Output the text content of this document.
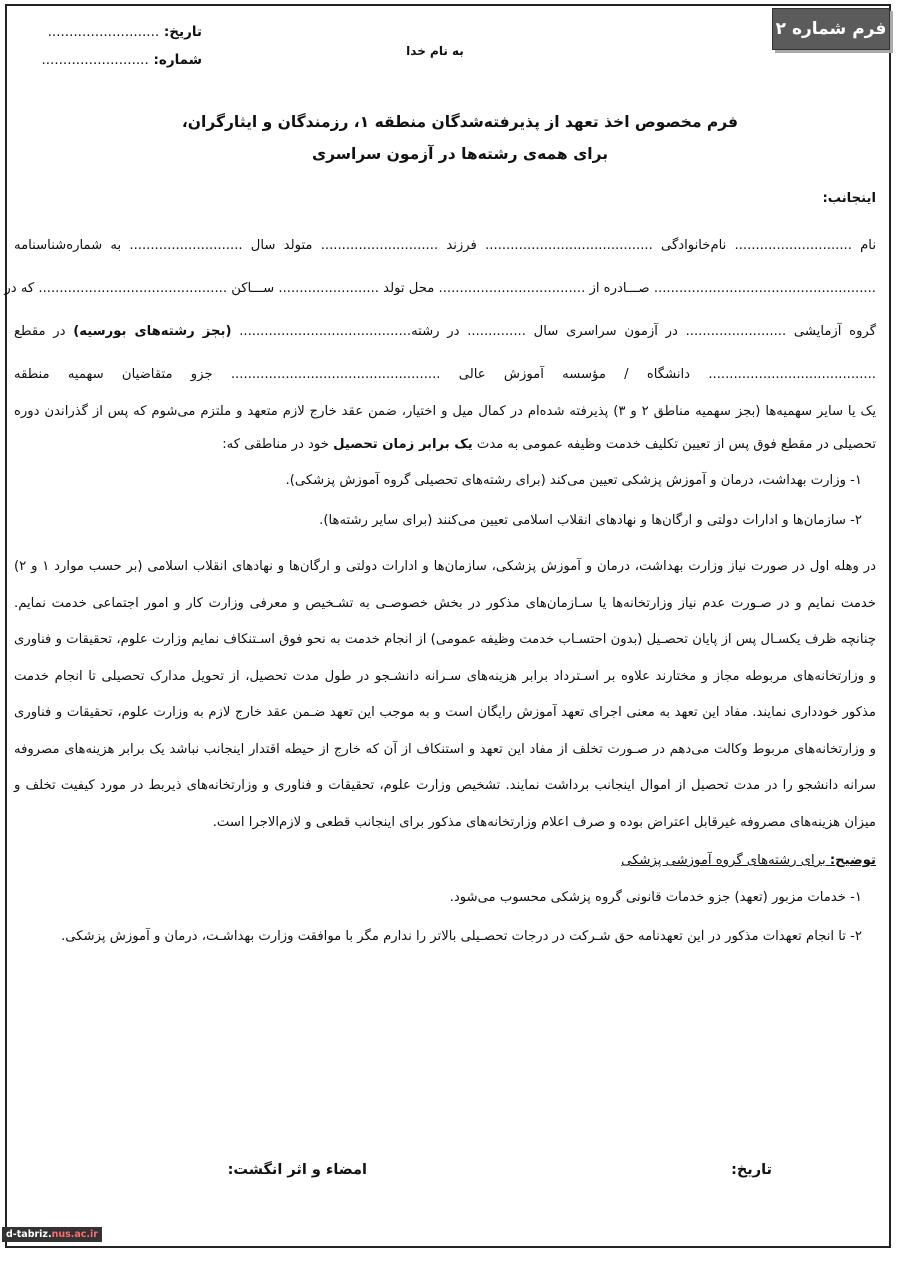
فرم شماره ۲
تاریخ: ..........................
شماره: .........................
به نام خدا
فرم مخصوص اخذ تعهد از پذیرفته‌شدگان منطقه ۱، رزمندگان و ایثارگران،
برای همه‌ی رشته‌ها در آزمون سراسری

اینجانب:

نام ............................ نام‌خانوادگی ........................................ فرزند ............................ متولد سال ........................... به شماره‌شناسنامه

..................................................... صـــادره از ................................... محل تولد ........................ ســـاکن ............................................. که در

گروه آزمایشی ........................ در آزمون سراسری سال .............. در رشته......................................... (بجز رشته‌های بورسیه) در مقطع

........................................ دانشگاه / مؤسسه آموزش عالی .................................................. جزو متقاضیان سهمیه منطقه

یک یا سایر سهمیه‌ها (بجز سهمیه مناطق ۲ و ۳) پذیرفته شده‌ام در کمال میل و اختیار، ضمن عقد خارج لازم متعهد و ملتزم می‌شوم که پس از گذراندن دوره تحصیلی در مقطع فوق پس از تعیین تکلیف خدمت وظیفه عمومی به مدت یک برابر زمان تحصیل خود در مناطقی که:

۱- وزارت بهداشت، درمان و آموزش پزشکی تعیین می‌کند (برای رشته‌های تحصیلی گروه آموزش پزشکی).

۲- سازمان‌ها و ادارات دولتی و ارگان‌ها و نهادهای انقلاب اسلامی تعیین می‌کنند (برای سایر رشته‌ها).

در وهله اول در صورت نیاز وزارت بهداشت، درمان و آموزش پزشکی، سازمان‌ها و ادارات دولتی و ارگان‌ها و نهادهای انقلاب اسلامی (بر حسب موارد ۱ و ۲) خدمت نمایم و در صـورت عدم نیاز وزارتخانه‌ها یا سـازمان‌های مذکور در بخش خصوصـی به تشـخیص و معرفی وزارت کار و امور اجتماعی خدمت نمایم. چنانچه ظرف یکسـال پس از پایان تحصـیل (بدون احتسـاب خدمت وظیفه عمومی) از انجام خدمت به نحو فوق اسـتنکاف نمایم وزارت علوم، تحقیقات و فناوری و وزارتخانه‌های مربوطه مجاز و مختارند علاوه بر اسـترداد برابر هزینه‌های سـرانه دانشـجو در طول مدت تحصیل، از تحویل مدارک تحصیلی تا انجام خدمت مذکور خودداری نمایند. مفاد این تعهد به معنی اجرای تعهد آموزش رایگان است و به موجب این تعهد ضـمن عقد خارج لازم به وزارت علوم، تحقیقات و فناوری و وزارتخانه‌های مربوط وکالت می‌دهم در صـورت تخلف از مفاد این تعهد و استنکاف از آن که خارج از حیطه اقتدار اینجانب نباشد یک برابر هزینه‌های مصروفه سرانه دانشجو را در مدت تحصیل از اموال اینجانب برداشت نمایند. تشخیص وزارت علوم، تحقیقات و فناوری و وزارتخانه‌های ذیربط در مورد کیفیت تخلف و میزان هزینه‌های مصروفه غیرقابل اعتراض بوده و صرف اعلام وزارتخانه‌های مذکور برای اینجانب قطعی و لازم‌الاجرا است.

توضیح: برای رشته‌های گروه آموزشی پزشکی

۱- خدمات مزبور (تعهد) جزو خدمات قانونی گروه پزشکی محسوب می‌شود.

۲- تا انجام تعهدات مذکور در این تعهدنامه حق شـرکت در درجات تحصـیلی بالاتر را ندارم مگر با موافقت وزارت بهداشـت، درمان و آموزش پزشکی.

تاریخ:
امضاء و اثر انگشت:
d-tabriz.nus.ac.ir
